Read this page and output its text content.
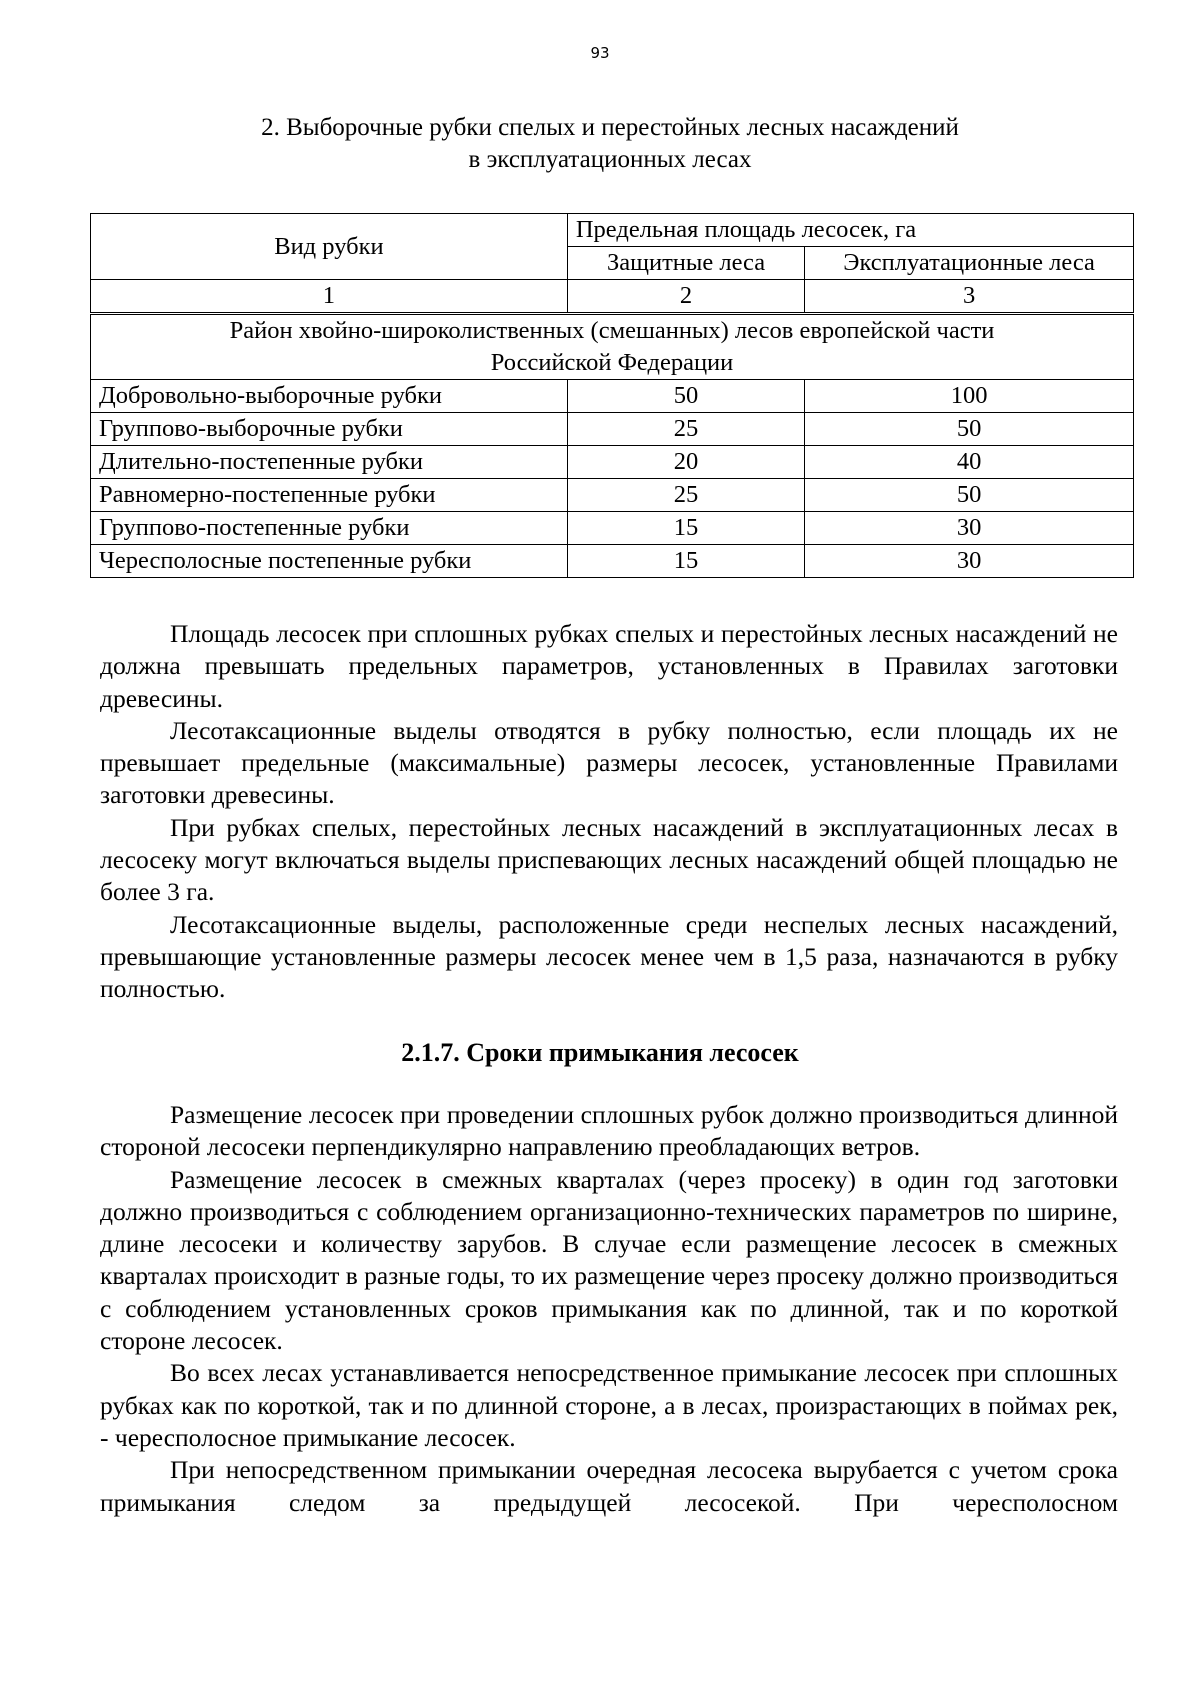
93
2. Выборочные рубки спелых и перестойных лесных насаждений
в эксплуатационных лесах
Вид рубки	Предельная площадь лесосек, га	
	Защитные леса	Эксплуатационные леса
1	2	3

Район хвойно-широколиственных (смешанных) лесов европейской части
Российской Федерации		

Добровольно-выборочные рубки	50	100
Группово-выборочные рубки	25	50
Длительно-постепенные рубки	20	40
Равномерно-постепенные рубки	25	50
Группово-постепенные рубки	15	30
Чересполосные постепенные рубки	15	30

Площадь лесосек при сплошных рубках спелых и перестойных лесных насаждений не должна превышать предельных параметров, установленных в Правилах заготовки древесины.

Лесотаксационные выделы отводятся в рубку полностью, если площадь их не превышает предельные (максимальные) размеры лесосек, установленные Правилами заготовки древесины.

При рубках спелых, перестойных лесных насаждений в эксплуатационных лесах в лесосеку могут включаться выделы приспевающих лесных насаждений общей площадью не более 3 га.

Лесотаксационные выделы, расположенные среди неспелых лесных насаждений, превышающие установленные размеры лесосек менее чем в 1,5 раза, назначаются в рубку полностью.

2.1.7. Сроки примыкания лесосек

Размещение лесосек при проведении сплошных рубок должно производиться длинной стороной лесосеки перпендикулярно направлению преобладающих ветров.

Размещение лесосек в смежных кварталах (через просеку) в один год заготовки должно производиться с соблюдением организационно-технических параметров по ширине, длине лесосеки и количеству зарубов. В случае если размещение лесосек в смежных кварталах происходит в разные годы, то их размещение через просеку должно производиться с соблюдением установленных сроков примыкания как по длинной, так и по короткой стороне лесосек.

Во всех лесах устанавливается непосредственное примыкание лесосек при сплошных рубках как по короткой, так и по длинной стороне, а в лесах, произрастающих в поймах рек, - чересполосное примыкание лесосек.

При непосредственном примыкании очередная лесосека вырубается с учетом срока примыкания следом за предыдущей лесосекой. При чересполосном
